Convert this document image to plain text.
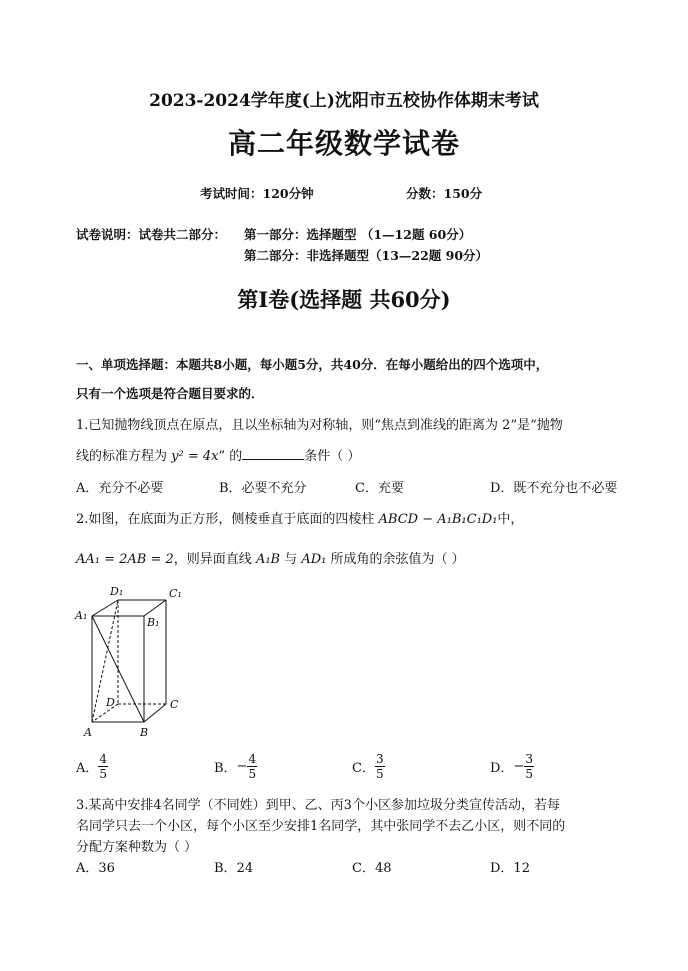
2023-2024学年度(上)沈阳市五校协作体期末考试
高二年级数学试卷
考试时间：120分钟	分数：150分
试卷说明：试卷共二部分： 第一部分：选择题型 （1—12题 60分）
第二部分：非选择题型（13—22题 90分）
第Ⅰ卷(选择题 共60分)
一、单项选择题：本题共8小题，每小题5分，共40分．在每小题给出的四个选项中，
只有一个选项是符合题目要求的．
1.已知抛物线顶点在原点，且以坐标轴为对称轴，则“焦点到准线的距离为 2”是“抛物
线的标准方程为 y² = 4x” 的	条件（ ）
A．充分不必要	B．必要不充分	C．充要	D．既不充分也不必要
2.如图，在底面为正方形，侧棱垂直于底面的四棱柱 ABCD − A₁B₁C₁D₁中，
AA₁ = 2AB = 2，则异面直线 A₁B 与 AD₁ 所成角的余弦值为（ ）
D₁	C₁
A₁
B₁
D	C
A	B
A． $\frac{4}{5}$	B．− $\frac{4}{5}$	C． $\frac{3}{5}$	D．− $\frac{3}{5}$
3.某高中安排4名同学（不同姓）到甲、乙、丙3个小区参加垃圾分类宣传活动，若每
名同学只去一个小区，每个小区至少安排1名同学，其中张同学不去乙小区，则不同的
分配方案种数为（ ）
A．36	B．24	C．48	D．12
